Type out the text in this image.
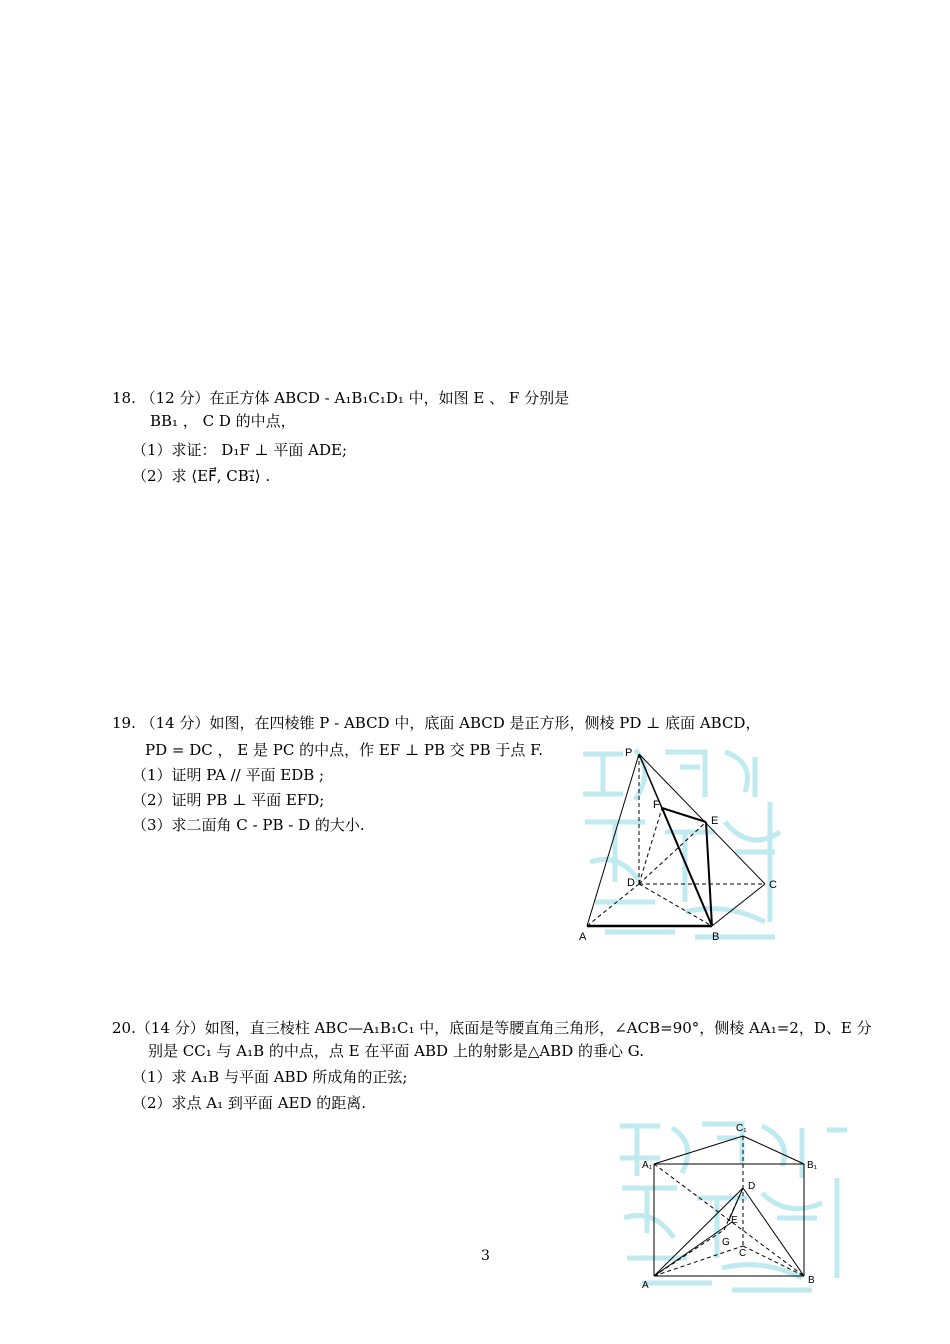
18. （12 分）在正方体 ABCD - A₁B₁C₁D₁ 中，如图 E 、 F 分别是
BB₁ ， C D 的中点，
（1）求证： D₁F ⊥ 平面 ADE;
（2）求 ⟨EF⃗, CB₁⃗⟩ .
19. （14 分）如图，在四棱锥 P - ABCD 中，底面 ABCD 是正方形，侧棱 PD ⊥ 底面 ABCD，
PD = DC ， E 是 PC 的中点，作 EF ⊥ PB 交 PB 于点 F.
（1）证明 PA // 平面 EDB ;
（2）证明 PB ⊥ 平面 EFD;
（3）求二面角 C - PB - D 的大小.
P
F
E
D	C
A	B
20.（14 分）如图，直三棱柱 ABC—A₁B₁C₁ 中，底面是等腰直角三角形，∠ACB=90°，侧棱 AA₁=2，D、E 分
别是 CC₁ 与 A₁B 的中点，点 E 在平面 ABD 上的射影是△ABD 的垂心 G.
（1）求 A₁B 与平面 ABD 所成角的正弦;
（2）求点 A₁ 到平面 AED 的距离.
C₁
A₁	B₁
D
E
G
C
A	B
3
